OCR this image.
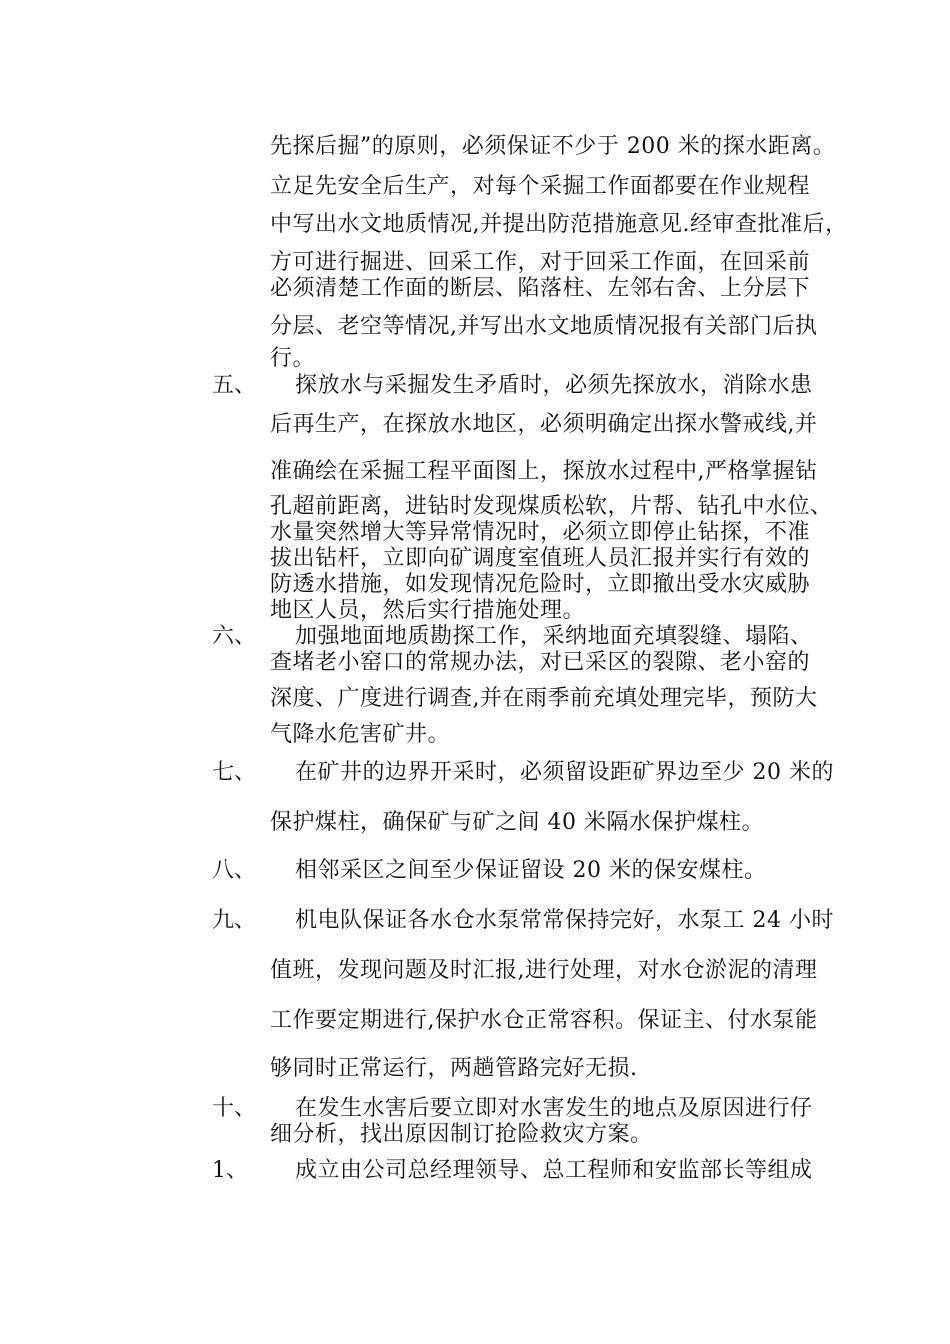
先探后掘”的原则，必须保证不少于 200 米的探水距离。
立足先安全后生产，对每个采掘工作面都要在作业规程
中写出水文地质情况,并提出防范措施意见.经审查批准后，
方可进行掘进、回采工作，对于回采工作面，在回采前
必须清楚工作面的断层、陷落柱、左邻右舍、上分层下
分层、老空等情况,并写出水文地质情况报有关部门后执
行。
五、 探放水与采掘发生矛盾时，必须先探放水，消除水患
后再生产，在探放水地区，必须明确定出探水警戒线,并
准确绘在采掘工程平面图上，探放水过程中,严格掌握钻
孔超前距离，进钻时发现煤质松软，片帮、钻孔中水位、
水量突然增大等异常情况时，必须立即停止钻探，不准
拔出钻杆，立即向矿调度室值班人员汇报并实行有效的
防透水措施，如发现情况危险时，立即撤出受水灾威胁
地区人员，然后实行措施处理。
六、 加强地面地质勘探工作，采纳地面充填裂缝、塌陷、
查堵老小窑口的常规办法，对已采区的裂隙、老小窑的
深度、广度进行调查,并在雨季前充填处理完毕，预防大
气降水危害矿井。
七、 在矿井的边界开采时，必须留设距矿界边至少 20 米的
保护煤柱，确保矿与矿之间 40 米隔水保护煤柱。
八、 相邻采区之间至少保证留设 20 米的保安煤柱。
九、 机电队保证各水仓水泵常常保持完好，水泵工 24 小时
值班，发现问题及时汇报,进行处理，对水仓淤泥的清理
工作要定期进行,保护水仓正常容积。保证主、付水泵能
够同时正常运行，两趟管路完好无损.
十、 在发生水害后要立即对水害发生的地点及原因进行仔
细分析，找出原因制订抢险救灾方案。
1、 成立由公司总经理领导、总工程师和安监部长等组成
